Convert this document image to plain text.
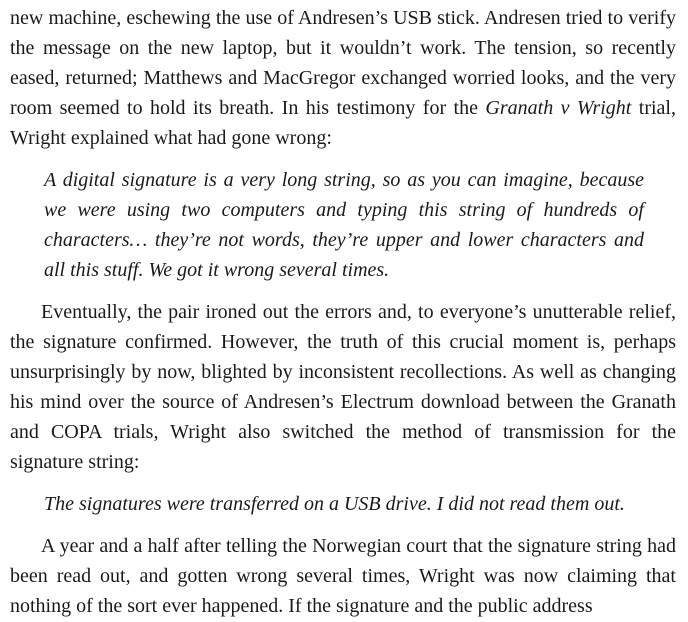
new machine, eschewing the use of Andresen’s USB stick. Andresen tried to verify the message on the new laptop, but it wouldn’t work. The tension, so recently eased, returned; Matthews and MacGregor exchanged worried looks, and the very room seemed to hold its breath. In his testimony for the Granath v Wright trial, Wright explained what had gone wrong:

A digital signature is a very long string, so as you can imagine, because we were using two computers and typing this string of hundreds of characters… they’re not words, they’re upper and lower characters and all this stuff. We got it wrong several times.

Eventually, the pair ironed out the errors and, to everyone’s unutterable relief, the signature confirmed. However, the truth of this crucial moment is, perhaps unsurprisingly by now, blighted by inconsistent recollections. As well as changing his mind over the source of Andresen’s Electrum download between the Granath and COPA trials, Wright also switched the method of transmission for the signature string:

The signatures were transferred on a USB drive. I did not read them out.

A year and a half after telling the Norwegian court that the signature string had been read out, and gotten wrong several times, Wright was now claiming that nothing of the sort ever happened. If the signature and the public address
